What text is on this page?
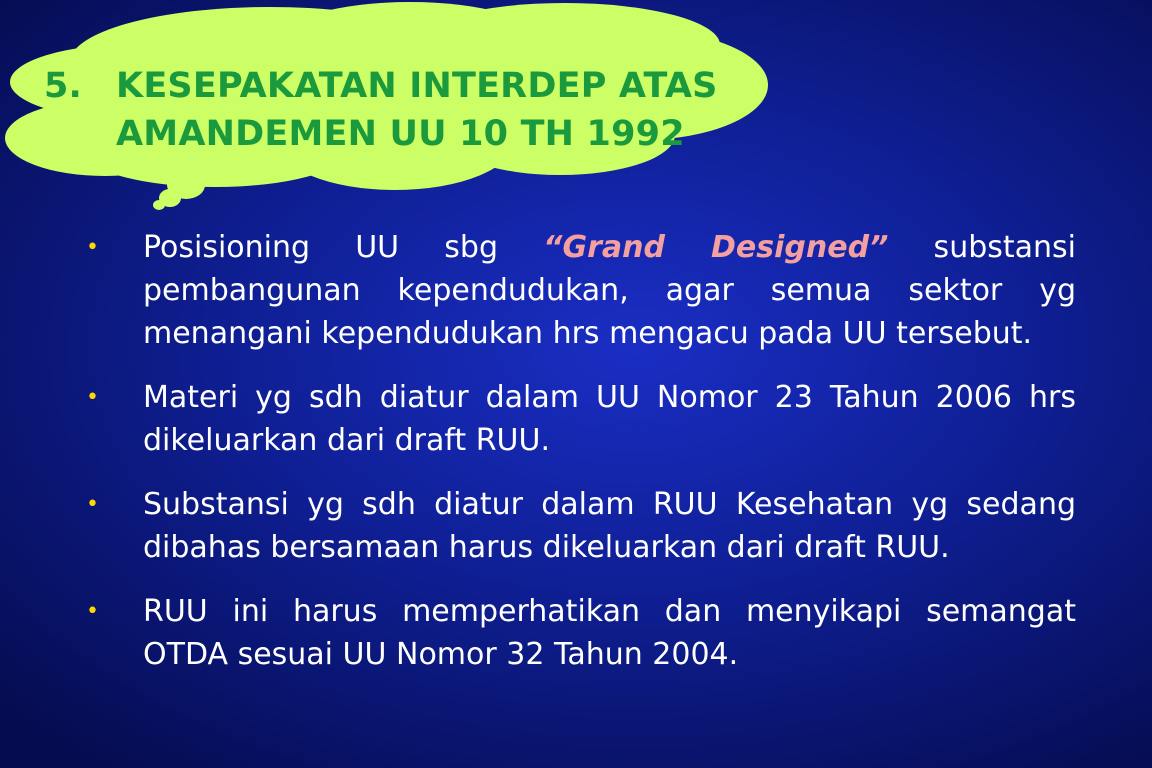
5. KESEPAKATAN INTERDEP ATAS
AMANDEMEN UU 10 TH 1992
• Posisioning UU sbg “Grand Designed” substansi pembangunan kependudukan, agar semua sektor yg menangani kependudukan hrs mengacu pada UU tersebut.
• Materi yg sdh diatur dalam UU Nomor 23 Tahun 2006 hrs dikeluarkan dari draft RUU.
• Substansi yg sdh diatur dalam RUU Kesehatan yg sedang dibahas bersamaan harus dikeluarkan dari draft RUU.
• RUU ini harus memperhatikan dan menyikapi semangat OTDA sesuai UU Nomor 32 Tahun 2004.
